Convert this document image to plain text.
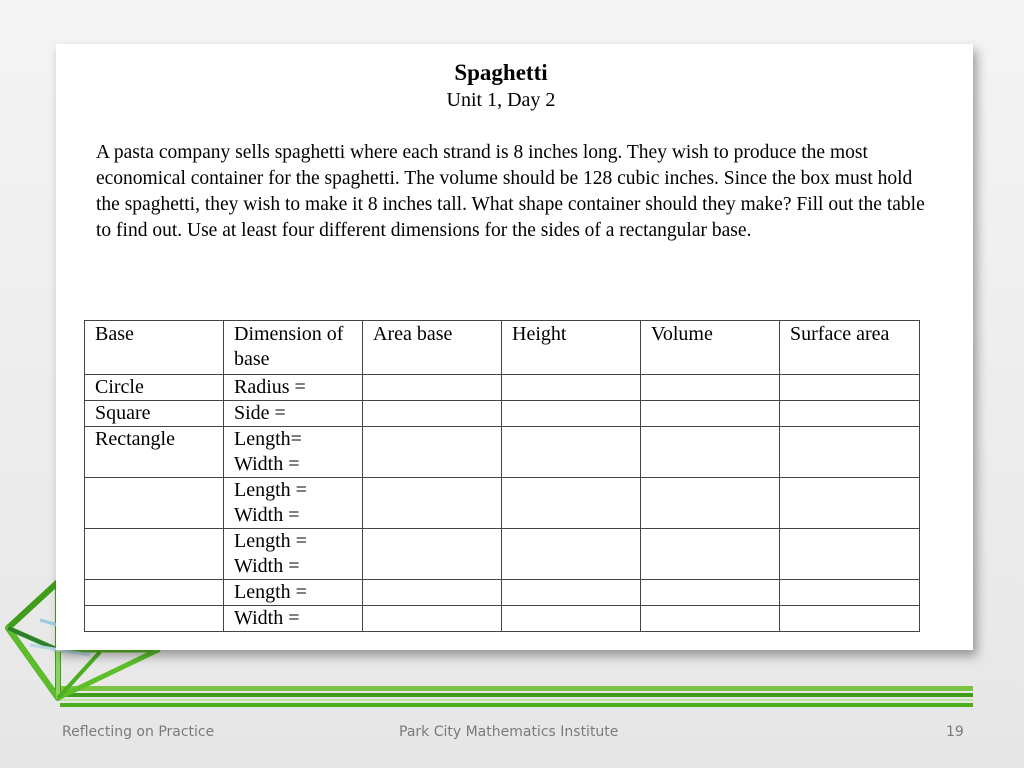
Spaghetti
Unit 1, Day 2

A pasta company sells spaghetti where each strand is 8 inches long. They wish to produce the most economical container for the spaghetti. The volume should be 128 cubic inches. Since the box must hold the spaghetti, they wish to make it 8 inches tall. What shape container should they make? Fill out the table to find out. Use at least four different dimensions for the sides of a rectangular base.

Base	Dimension of base	Area base	Height	Volume	Surface area
Circle	Radius =				

Square	Side =				

Rectangle	Length=
Width =				

	Length =
Width =				

	Length =
Width =				

	Length =				

	Width =				

Reflecting on Practice	Park City Mathematics Institute	19
